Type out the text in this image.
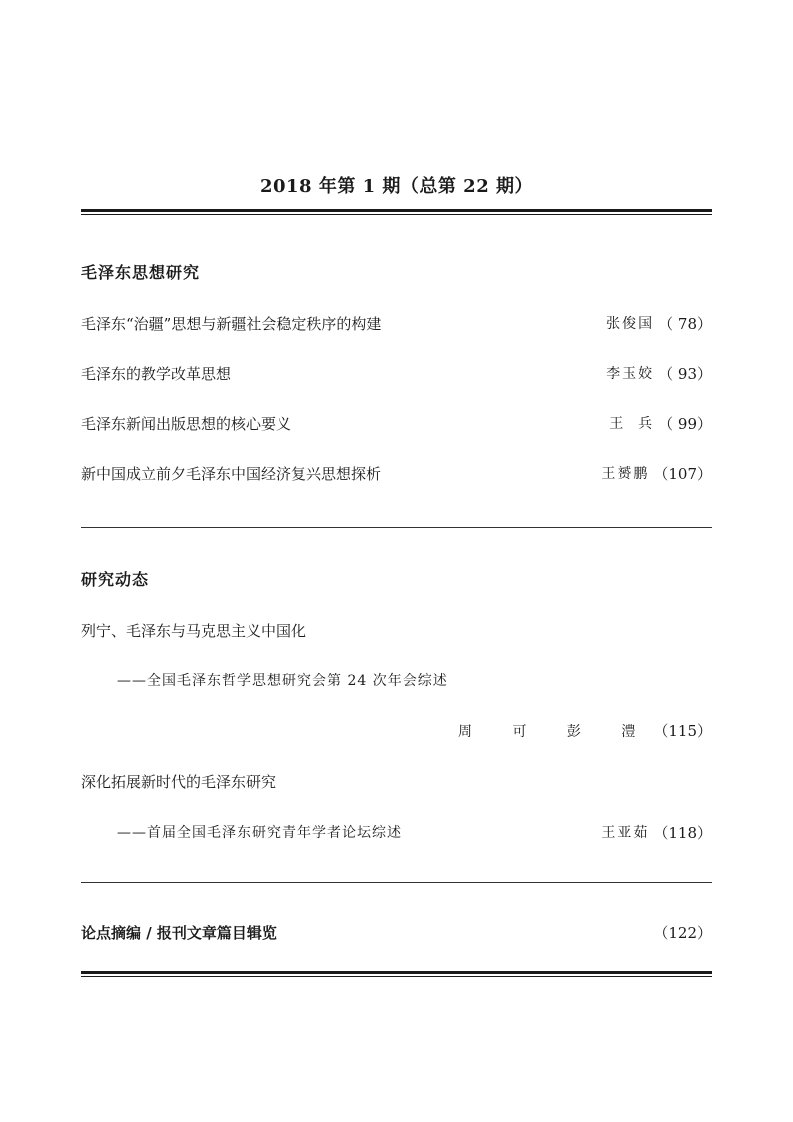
2018 年第 1 期（总第 22 期）
毛泽东思想研究
毛泽东“治疆”思想与新疆社会稳定秩序的构建	张俊国 （ 78）
毛泽东的教学改革思想	李玉姣 （ 93）
毛泽东新闻出版思想的核心要义	王  兵 （ 99）
新中国成立前夕毛泽东中国经济复兴思想探析	王赟鹏 （107）
研究动态
列宁、毛泽东与马克思主义中国化
——全国毛泽东哲学思想研究会第 24 次年会综述
周 可 彭 澧（115）
深化拓展新时代的毛泽东研究
——首届全国毛泽东研究青年学者论坛综述	王亚茹 （118）
论点摘编 / 报刊文章篇目辑览	（122）
